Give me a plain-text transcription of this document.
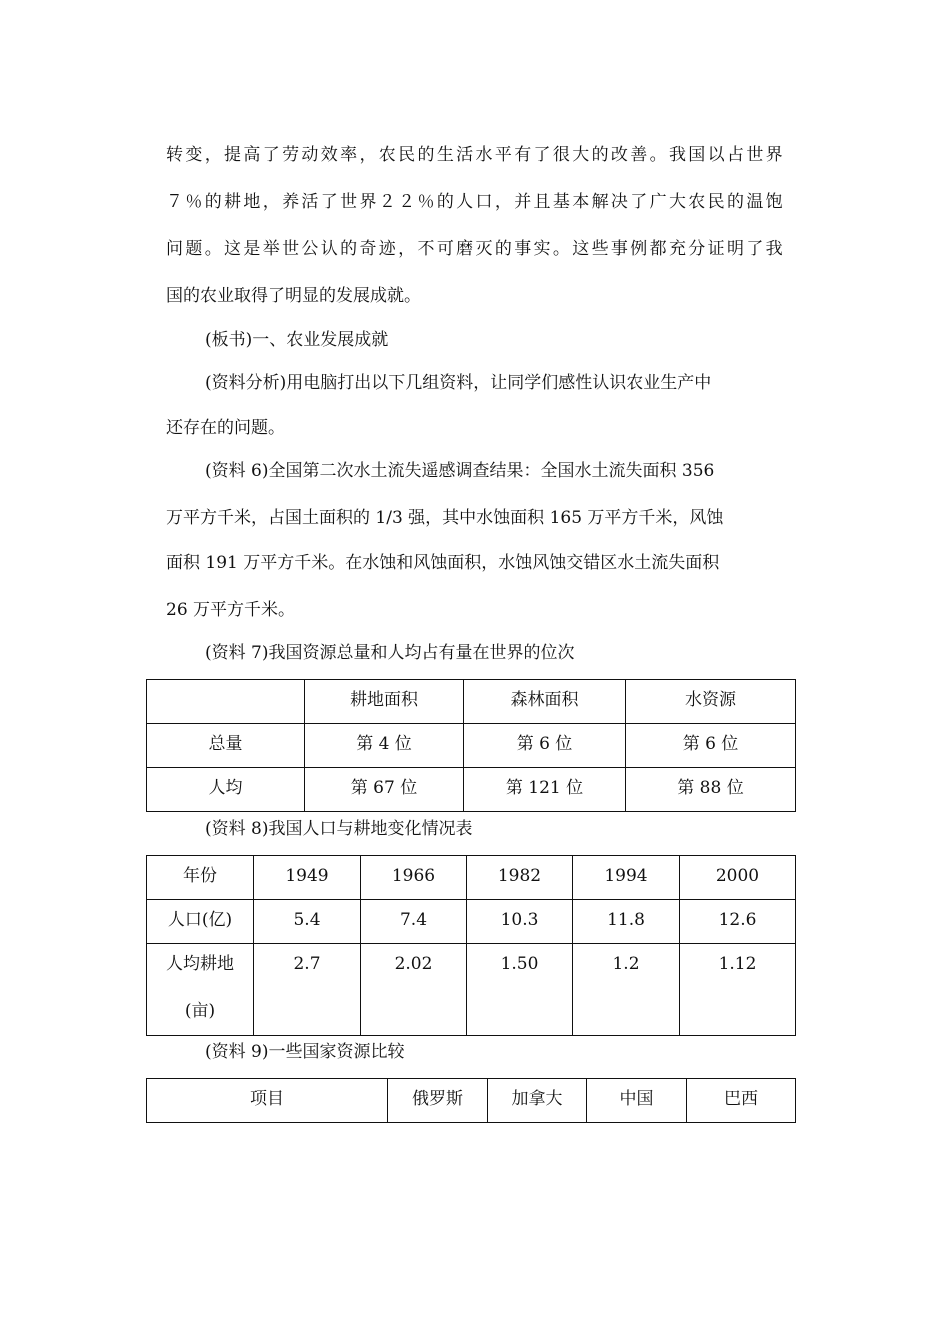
转 变 ， 提 高 了 劳 动 效 率 ， 农 民 的 生 活 水 平 有 了 很 大 的 改 善 。 我 国 以 占 世 界
７ ％ 的 耕 地 ， 养 活 了 世 界 ２ ２ ％ 的 人 口 ， 并 且 基 本 解 决 了 广 大 农 民 的 温 饱
问 题 。 这 是 举 世 公 认 的 奇 迹 ， 不 可 磨 灭 的 事 实 。 这 些 事 例 都 充 分 证 明 了 我
国的农业取得了明显的发展成就。
(板书)一、农业发展成就
(资料分析)用电脑打出以下几组资料，让同学们感性认识农业生产中
还存在的问题。
(资料 6)全国第二次水土流失遥感调查结果：全国水土流失面积 356
万平方千米，占国土面积的 1/3 强，其中水蚀面积 165 万平方千米，风蚀
面积 191 万平方千米。在水蚀和风蚀面积，水蚀风蚀交错区水土流失面积
26 万平方千米。
(资料 7)我国资源总量和人均占有量在世界的位次
	耕地面积	森林面积	水资源
总量	第 4 位	第 6 位	第 6 位
人均	第 67 位	第 121 位	第 88 位
(资料 8)我国人口与耕地变化情况表
年份	1949	1966	1982	1994	2000
人口(亿)	5.4	7.4	10.3	11.8	12.6

人均耕地
(亩)	2.7	2.02	1.50	1.2	1.12
(资料 9)一些国家资源比较
项目	俄罗斯	加拿大	中国	巴西
